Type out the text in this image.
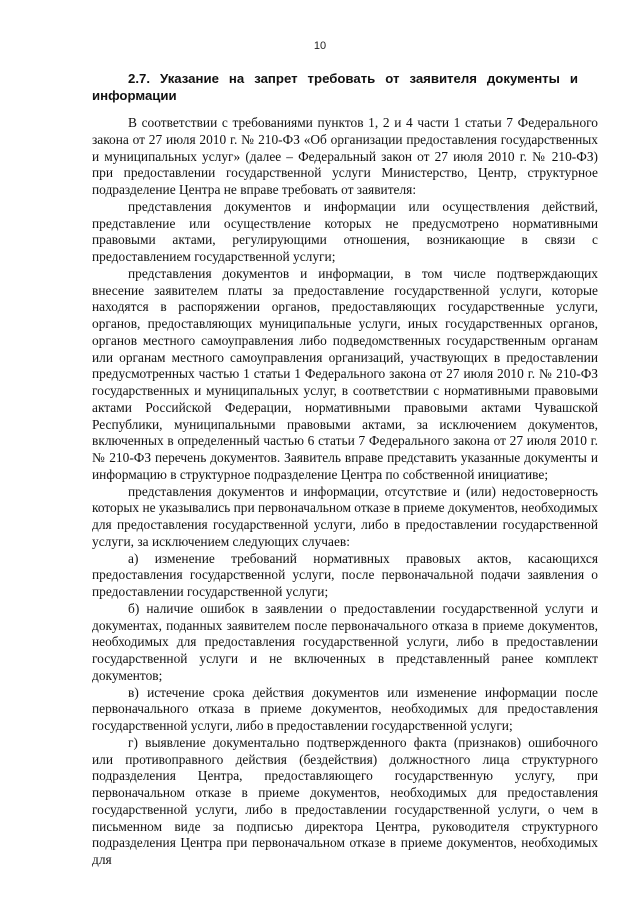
10
2.7. Указание на запрет требовать от заявителя документы и информации

В соответствии с требованиями пунктов 1, 2 и 4 части 1 статьи 7 Федерального закона от 27 июля 2010 г. № 210-ФЗ «Об организации предоставления государственных и муниципальных услуг» (далее – Федеральный закон от 27 июля 2010 г. № 210-ФЗ) при предоставлении государственной услуги Министерство, Центр, структурное подразделение Центра не вправе требовать от заявителя:

представления документов и информации или осуществления действий, представление или осуществление которых не предусмотрено нормативными правовыми актами, регулирующими отношения, возникающие в связи с предоставлением государственной услуги;

представления документов и информации, в том числе подтверждающих внесение заявителем платы за предоставление государственной услуги, которые находятся в распоряжении органов, предоставляющих государственные услуги, органов, предоставляющих муниципальные услуги, иных государственных органов, органов местного самоуправления либо подведомственных государственным органам или органам местного самоуправления организаций, участвующих в предоставлении предусмотренных частью 1 статьи 1 Федерального закона от 27 июля 2010 г. № 210-ФЗ государственных и муниципальных услуг, в соответствии с нормативными правовыми актами Российской Федерации, нормативными правовыми актами Чувашской Республики, муниципальными правовыми актами, за исключением документов, включенных в определенный частью 6 статьи 7 Федерального закона от 27 июля 2010 г. № 210-ФЗ перечень документов. Заявитель вправе представить указанные документы и информацию в структурное подразделение Центра по собственной инициативе;

представления документов и информации, отсутствие и (или) недостоверность которых не указывались при первоначальном отказе в приеме документов, необходимых для предоставления государственной услуги, либо в предоставлении государственной услуги, за исключением следующих случаев:

а) изменение требований нормативных правовых актов, касающихся предоставления государственной услуги, после первоначальной подачи заявления о предоставлении государственной услуги;

б) наличие ошибок в заявлении о предоставлении государственной услуги и документах, поданных заявителем после первоначального отказа в приеме документов, необходимых для предоставления государственной услуги, либо в предоставлении государственной услуги и не включенных в представленный ранее комплект документов;

в) истечение срока действия документов или изменение информации после первоначального отказа в приеме документов, необходимых для предоставления государственной услуги, либо в предоставлении государственной услуги;

г) выявление документально подтвержденного факта (признаков) ошибочного или противоправного действия (бездействия) должностного лица структурного подразделения Центра, предоставляющего государственную услугу, при первоначальном отказе в приеме документов, необходимых для предоставления государственной услуги, либо в предоставлении государственной услуги, о чем в письменном виде за подписью директора Центра, руководителя структурного подразделения Центра при первоначальном отказе в приеме документов, необходимых для
